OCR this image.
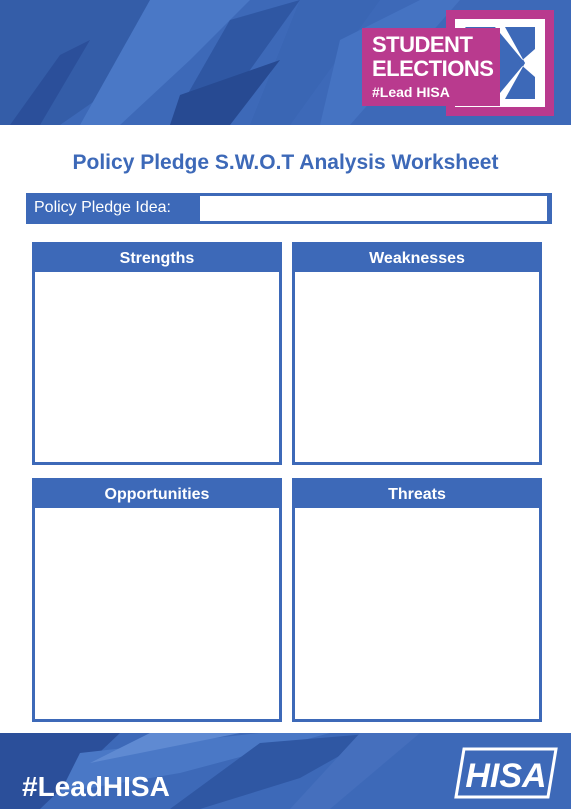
STUDENT
ELECTIONS
#Lead HISA
Policy Pledge S.W.O.T Analysis Worksheet
Policy Pledge Idea:
Strengths	Weaknesses
Opportunities	Threats
#LeadHISA	HISA
